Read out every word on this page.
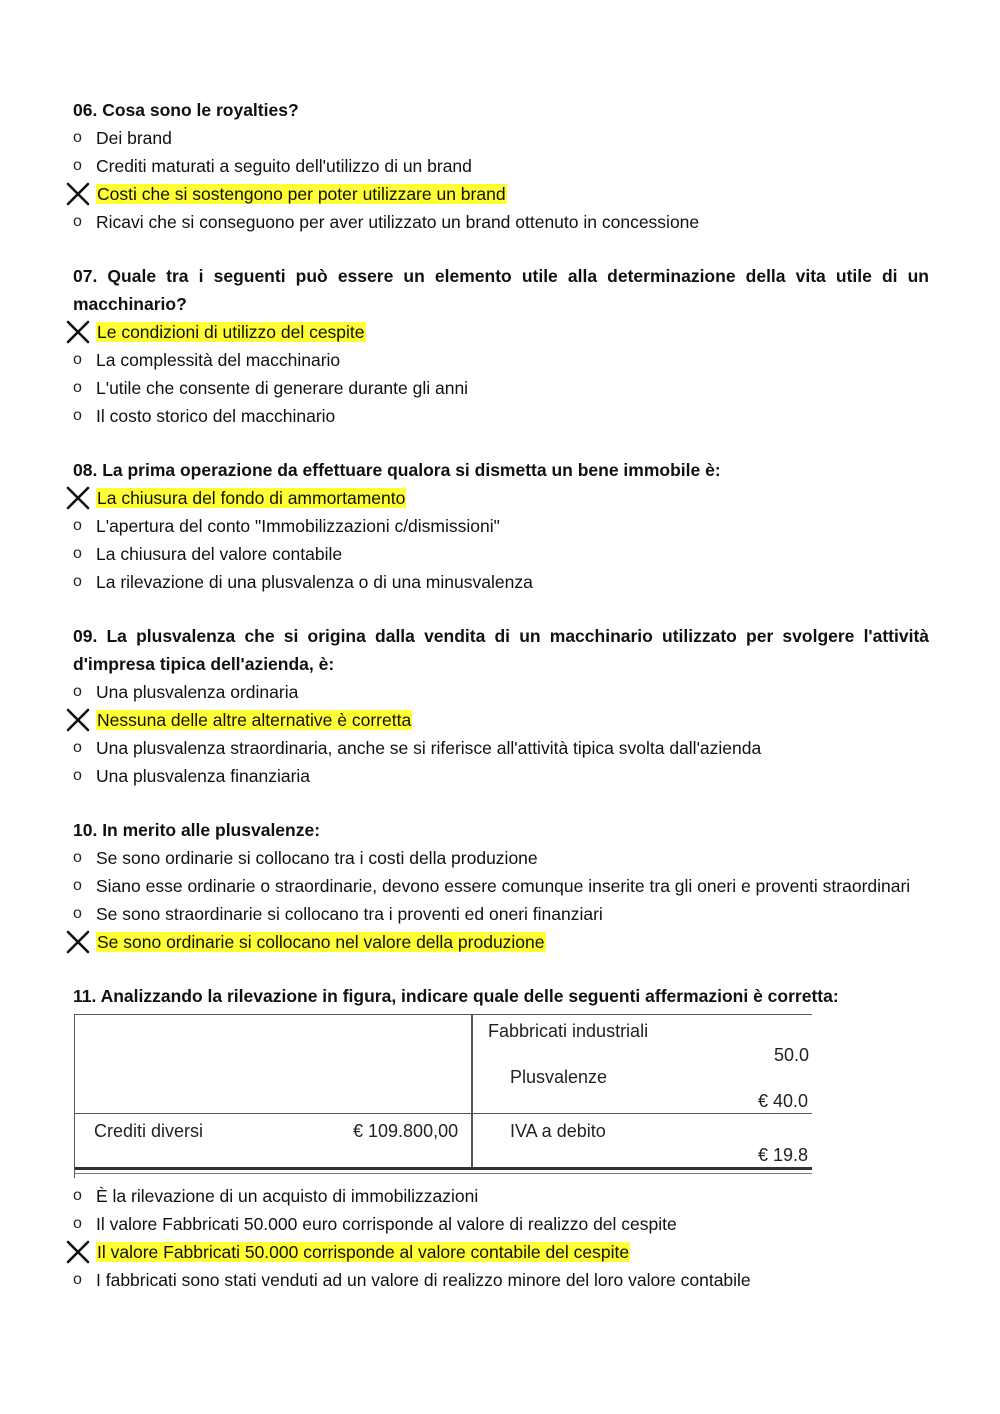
06. Cosa sono le royalties?

o Dei brand
o Crediti maturati a seguito dell'utilizzo di un brand
Costi che si sostengono per poter utilizzare un brand
o Ricavi che si conseguono per aver utilizzato un brand ottenuto in concessione

07. Quale tra i seguenti può essere un elemento utile alla determinazione della vita utile di un macchinario?

Le condizioni di utilizzo del cespite
o La complessità del macchinario
o L'utile che consente di generare durante gli anni
o Il costo storico del macchinario

08. La prima operazione da effettuare qualora si dismetta un bene immobile è:

La chiusura del fondo di ammortamento
o L'apertura del conto "Immobilizzazioni c/dismissioni"
o La chiusura del valore contabile
o La rilevazione di una plusvalenza o di una minusvalenza

09. La plusvalenza che si origina dalla vendita di un macchinario utilizzato per svolgere l'attività d'impresa tipica dell'azienda, è:

o Una plusvalenza ordinaria
Nessuna delle altre alternative è corretta
o Una plusvalenza straordinaria, anche se si riferisce all'attività tipica svolta dall'azienda
o Una plusvalenza finanziaria

10. In merito alle plusvalenze:

o Se sono ordinarie si collocano tra i costi della produzione
o Siano esse ordinarie o straordinarie, devono essere comunque inserite tra gli oneri e proventi straordinari
o Se sono straordinarie si collocano tra i proventi ed oneri finanziari
Se sono ordinarie si collocano nel valore della produzione

11. Analizzando la rilevazione in figura, indicare quale delle seguenti affermazioni è corretta:

Fabbricati industriali
50.0
Plusvalenze
€ 40.0
Crediti diversi	€ 109.800,00	IVA a debito
€ 19.8
o È la rilevazione di un acquisto di immobilizzazioni
o Il valore Fabbricati 50.000 euro corrisponde al valore di realizzo del cespite
Il valore Fabbricati 50.000 corrisponde al valore contabile del cespite
o I fabbricati sono stati venduti ad un valore di realizzo minore del loro valore contabile
